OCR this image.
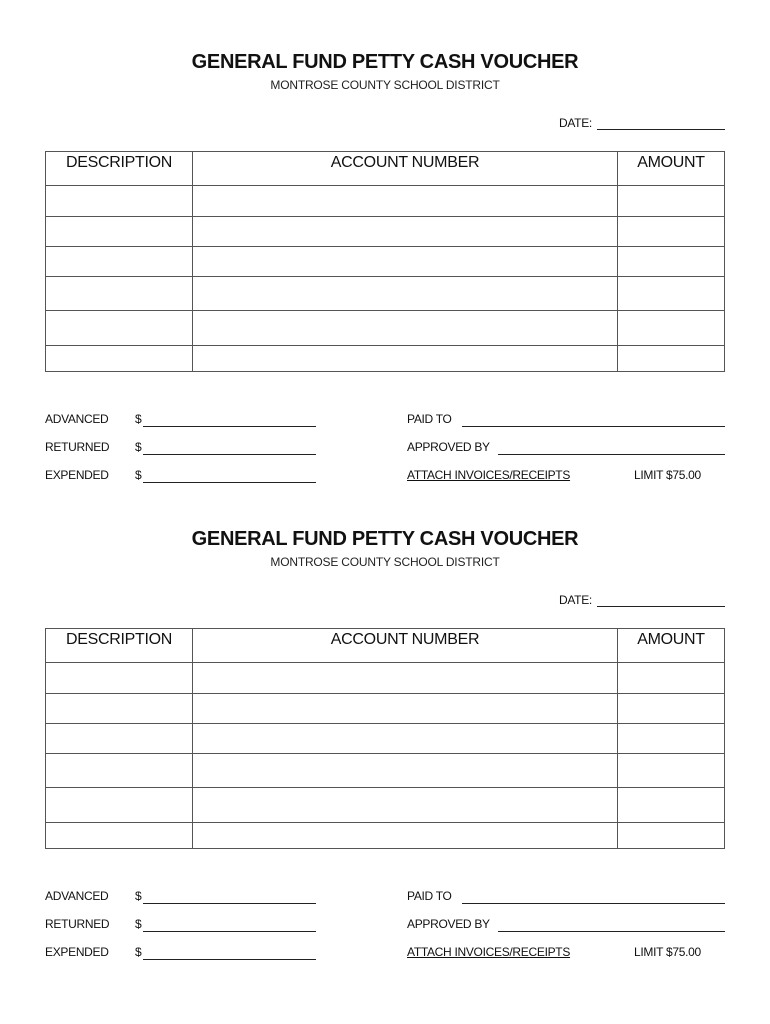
GENERAL FUND PETTY CASH VOUCHER
MONTROSE COUNTY SCHOOL DISTRICT
DATE:
DESCRIPTION	ACCOUNT NUMBER	AMOUNT
ADVANCED $
RETURNED $
EXPENDED $
PAID TO
APPROVED BY
ATTACH INVOICES/RECEIPTS	LIMIT $75.00
GENERAL FUND PETTY CASH VOUCHER
MONTROSE COUNTY SCHOOL DISTRICT
DATE:
DESCRIPTION	ACCOUNT NUMBER	AMOUNT
ADVANCED $
RETURNED $
EXPENDED $
PAID TO
APPROVED BY
ATTACH INVOICES/RECEIPTS	LIMIT $75.00
